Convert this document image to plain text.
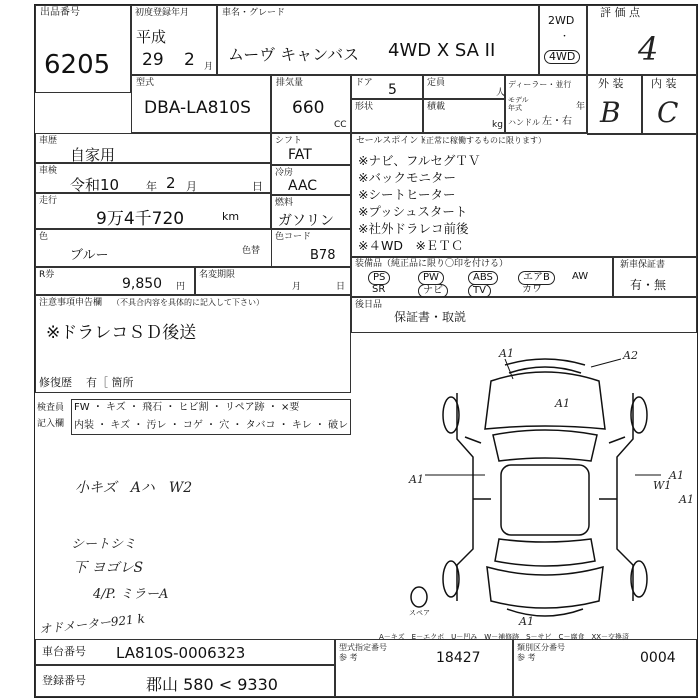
出品番号
6205
初度登録年月
平成
29 2 月
車名・グレード
ムーヴ キャンバス 4WD X SA II
2WD
・
4WD
評 価 点
4
外 装
B
内 装
C
型式
DBA-LA810S
排気量
660
CC
ドア 5	定員
人
形状	積載
kg
ディーラー・並行
モデル年式	年
ハンドル 左・右
車歴
自家用
車検
令和10 年 2 月	日
走行
9万4千720	km
シフト
FAT
冷房
AAC
燃料
ガソリン
色
ブルー	色替
色コード
B78
R券
9,850 円
名変期限
月	日
セールスポイント
（正常に稼働するものに限ります）
※ナビ、フルセグＴＶ
※バックモニター
※シートヒーター
※プッシュスタート
※社外ドラレコ前後
※４WD　※ＥＴＣ
装備品（純正品に限り〇印を付ける）
PS	PW	ABS	エアB	AW
SR	ナビ	TV	カワ
新車保証書
有・無
後日品
保証書・取説
注意事項申告欄 （不具合内容を具体的に記入して下さい）
※ドラレコＳＤ後送
修復歴 有［ 箇所
検査員
記入欄
FW ・ キズ ・ 飛石 ・ ヒビ割 ・ リペア跡 ・ ×要
内装 ・ キズ ・ 汚レ ・ コゲ ・ 穴 ・ タバコ ・ キレ ・ 破レ
小キズ　Aハ　W2
シートシミ
下 ヨゴレS
4/P. ミラーA
オドメーター921 k
A1	A2
A1
A1	A1
A1
W1
A1
スペア
A－キズ　E－エクボ　U－凹み　W－補修跡　S－サビ　C－腐食　XX－交換済
車台番号 LA810S-0006323
登録番号	郡山 580 < 9330
型式指定番号
参 考	18427
類別区分番号
参 考	0004
